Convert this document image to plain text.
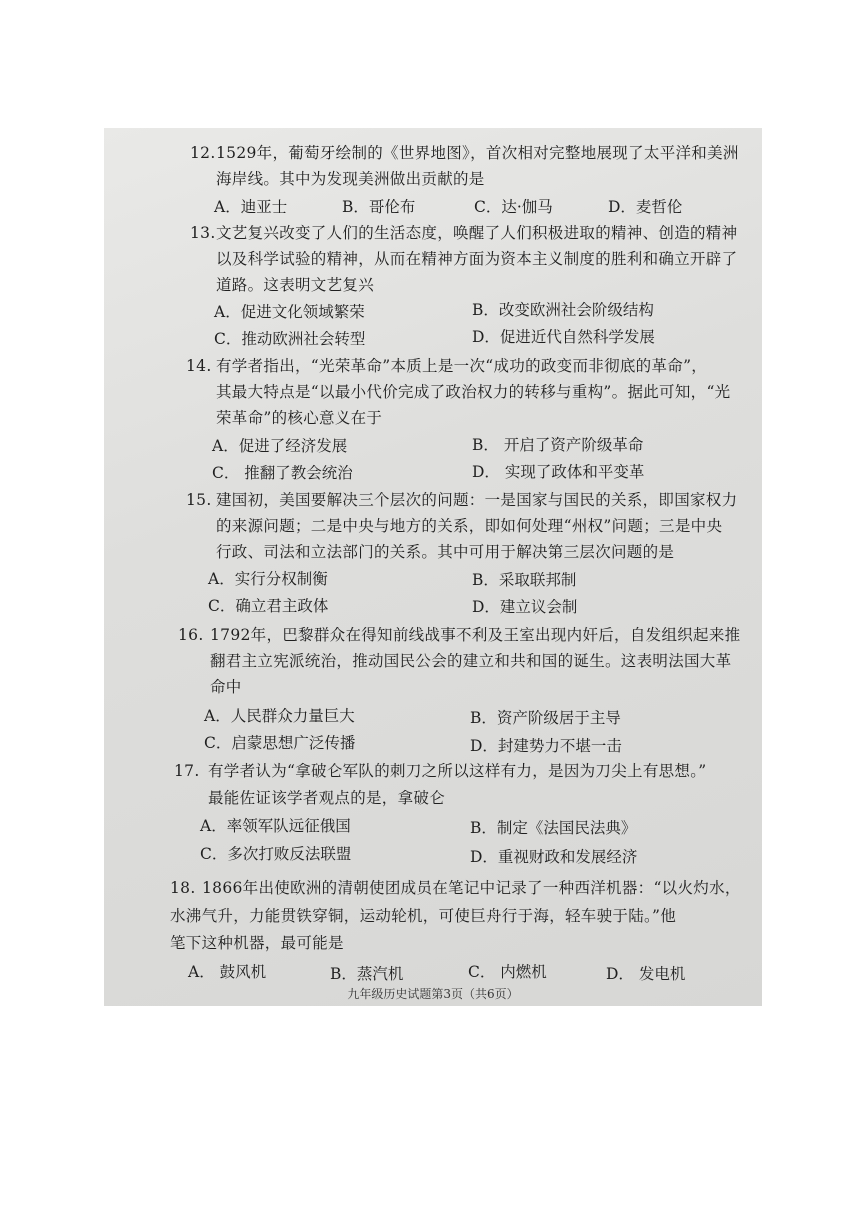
12. 1529年，葡萄牙绘制的《世界地图》，首次相对完整地展现了太平洋和美洲
海岸线。其中为发现美洲做出贡献的是
A．迪亚士	B．哥伦布	C．达·伽马	D．麦哲伦
13. 文艺复兴改变了人们的生活态度，唤醒了人们积极进取的精神、创造的精神
以及科学试验的精神，从而在精神方面为资本主义制度的胜利和确立开辟了
道路。这表明文艺复兴
A．促进文化领域繁荣	B．改变欧洲社会阶级结构
C．推动欧洲社会转型	D．促进近代自然科学发展
14. 有学者指出，“光荣革命”本质上是一次“成功的政变而非彻底的革命”，
其最大特点是“以最小代价完成了政治权力的转移与重构”。据此可知，“光
荣革命”的核心意义在于
A．促进了经济发展	B． 开启了资产阶级革命
C． 推翻了教会统治	D． 实现了政体和平变革
15. 建国初，美国要解决三个层次的问题：一是国家与国民的关系，即国家权力
的来源问题；二是中央与地方的关系，即如何处理“州权”问题；三是中央
行政、司法和立法部门的关系。其中可用于解决第三层次问题的是
A．实行分权制衡	B．采取联邦制
C．确立君主政体	D．建立议会制
16. 1792年，巴黎群众在得知前线战事不利及王室出现内奸后，自发组织起来推
翻君主立宪派统治，推动国民公会的建立和共和国的诞生。这表明法国大革
命中
A．人民群众力量巨大	B．资产阶级居于主导
C．启蒙思想广泛传播	D．封建势力不堪一击
17. 有学者认为“拿破仑军队的刺刀之所以这样有力，是因为刀尖上有思想。”
最能佐证该学者观点的是，拿破仑
A．率领军队远征俄国	B．制定《法国民法典》
C．多次打败反法联盟	D．重视财政和发展经济
18. 1866年出使欧洲的清朝使团成员在笔记中记录了一种西洋机器：“以火灼水，
水沸气升，力能贯铁穿铜，运动轮机，可使巨舟行于海，轻车驶于陆。”他
笔下这种机器，最可能是
A． 鼓风机	B．蒸汽机	C． 内燃机	D． 发电机
九年级历史试题第3页（共6页）
